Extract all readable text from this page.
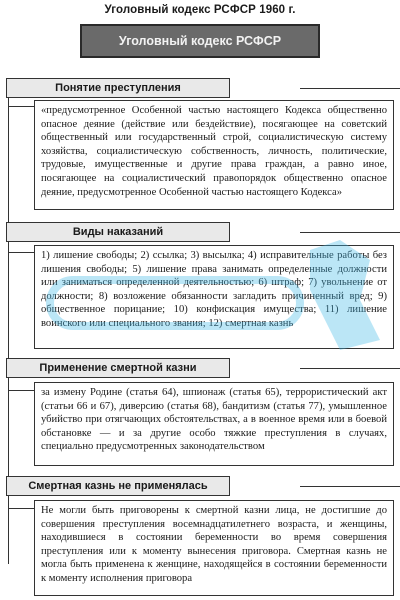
Уголовный кодекс РСФСР 1960 г.
Уголовный кодекс РСФСР
Понятие преступления
«предусмотренное Особенной частью настоящего Кодекса общественно опасное деяние (действие или бездействие), посягающее на советский общественный или государственный строй, социалистическую систему хозяйства, социалистическую собственность, личность, политические, трудовые, имущественные и другие права граждан, а равно иное, посягающее на социалистический правопорядок общественно опасное деяние, предусмотренное Особенной частью настоящего Кодекса»
Виды наказаний
1) лишение свободы; 2) ссылка; 3) высылка; 4) исправительные работы без лишения свободы; 5) лишение права занимать определенные должности или заниматься определенной деятельностью; 6) штраф; 7) увольнение от должности; 8) возложение обязанности загладить причиненный вред; 9) общественное порицание; 10) конфискация имущества; 11) лишение воинского или специального звания; 12) смертная казнь
Применение смертной казни
за измену Родине (статья 64), шпионаж (статья 65), террористический акт (статьи 66 и 67), диверсию (статья 68), бандитизм (статья 77), умышленное убийство при отягчающих обстоятельствах, а в военное время или в боевой обстановке — и за другие особо тяжкие преступления в случаях, специально предусмотренных законодательством
Смертная казнь не применялась
Не могли быть приговорены к смертной казни лица, не достигшие до совершения преступления восемнадцатилетнего возраста, и женщины, находившиеся в состоянии беременности во время совершения преступления или к моменту вынесения приговора. Смертная казнь не могла быть применена к женщине, находящейся в состоянии беременности к моменту исполнения приговора
